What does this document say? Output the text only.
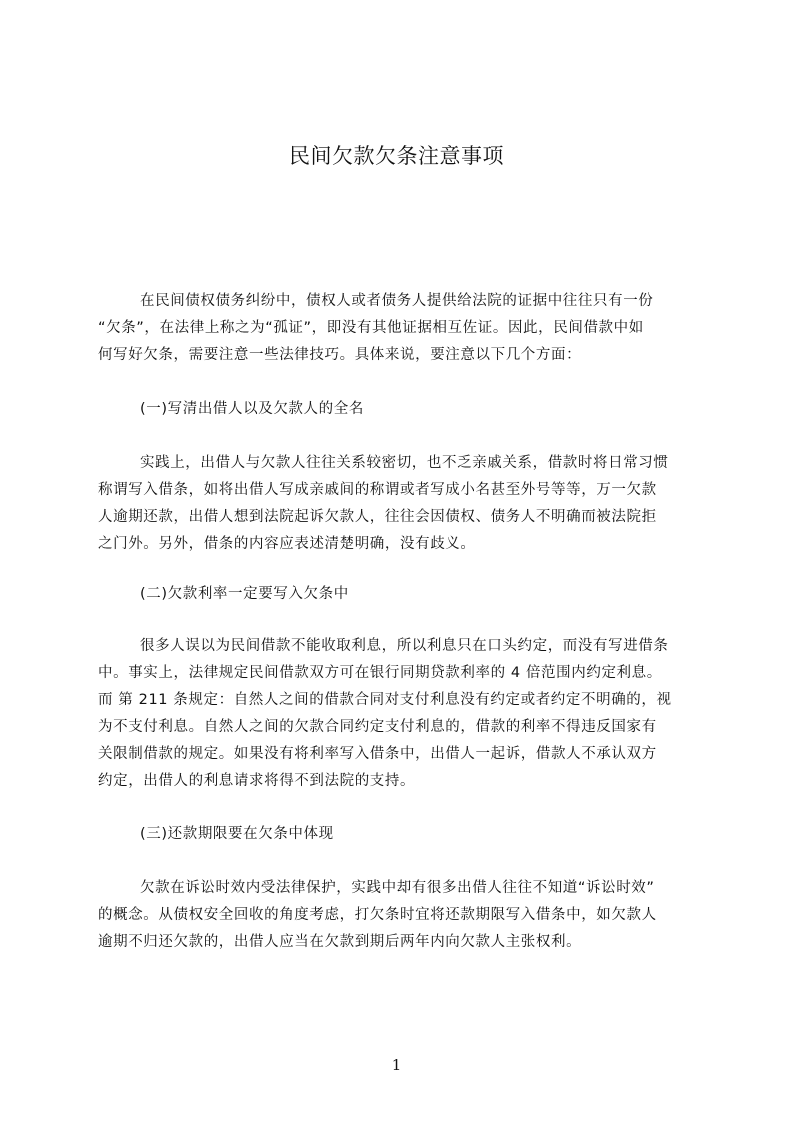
民间欠款欠条注意事项
在民间债权债务纠纷中，债权人或者债务人提供给法院的证据中往往只有一份
“欠条”，在法律上称之为“孤证”，即没有其他证据相互佐证。因此，民间借款中如
何写好欠条，需要注意一些法律技巧。具体来说，要注意以下几个方面：
(一)写清出借人以及欠款人的全名
实践上，出借人与欠款人往往关系较密切，也不乏亲戚关系，借款时将日常习惯
称谓写入借条，如将出借人写成亲戚间的称谓或者写成小名甚至外号等等，万一欠款
人逾期还款，出借人想到法院起诉欠款人，往往会因债权、债务人不明确而被法院拒
之门外。另外，借条的内容应表述清楚明确，没有歧义。
(二)欠款利率一定要写入欠条中
很多人误以为民间借款不能收取利息，所以利息只在口头约定，而没有写进借条
中。事实上，法律规定民间借款双方可在银行同期贷款利率的 4 倍范围内约定利息。
而 第 211 条规定：自然人之间的借款合同对支付利息没有约定或者约定不明确的，视
为不支付利息。自然人之间的欠款合同约定支付利息的，借款的利率不得违反国家有
关限制借款的规定。如果没有将利率写入借条中，出借人一起诉，借款人不承认双方
约定，出借人的利息请求将得不到法院的支持。
(三)还款期限要在欠条中体现
欠款在诉讼时效内受法律保护，实践中却有很多出借人往往不知道“诉讼时效”
的概念。从债权安全回收的角度考虑，打欠条时宜将还款期限写入借条中，如欠款人
逾期不归还欠款的，出借人应当在欠款到期后两年内向欠款人主张权利。
1
